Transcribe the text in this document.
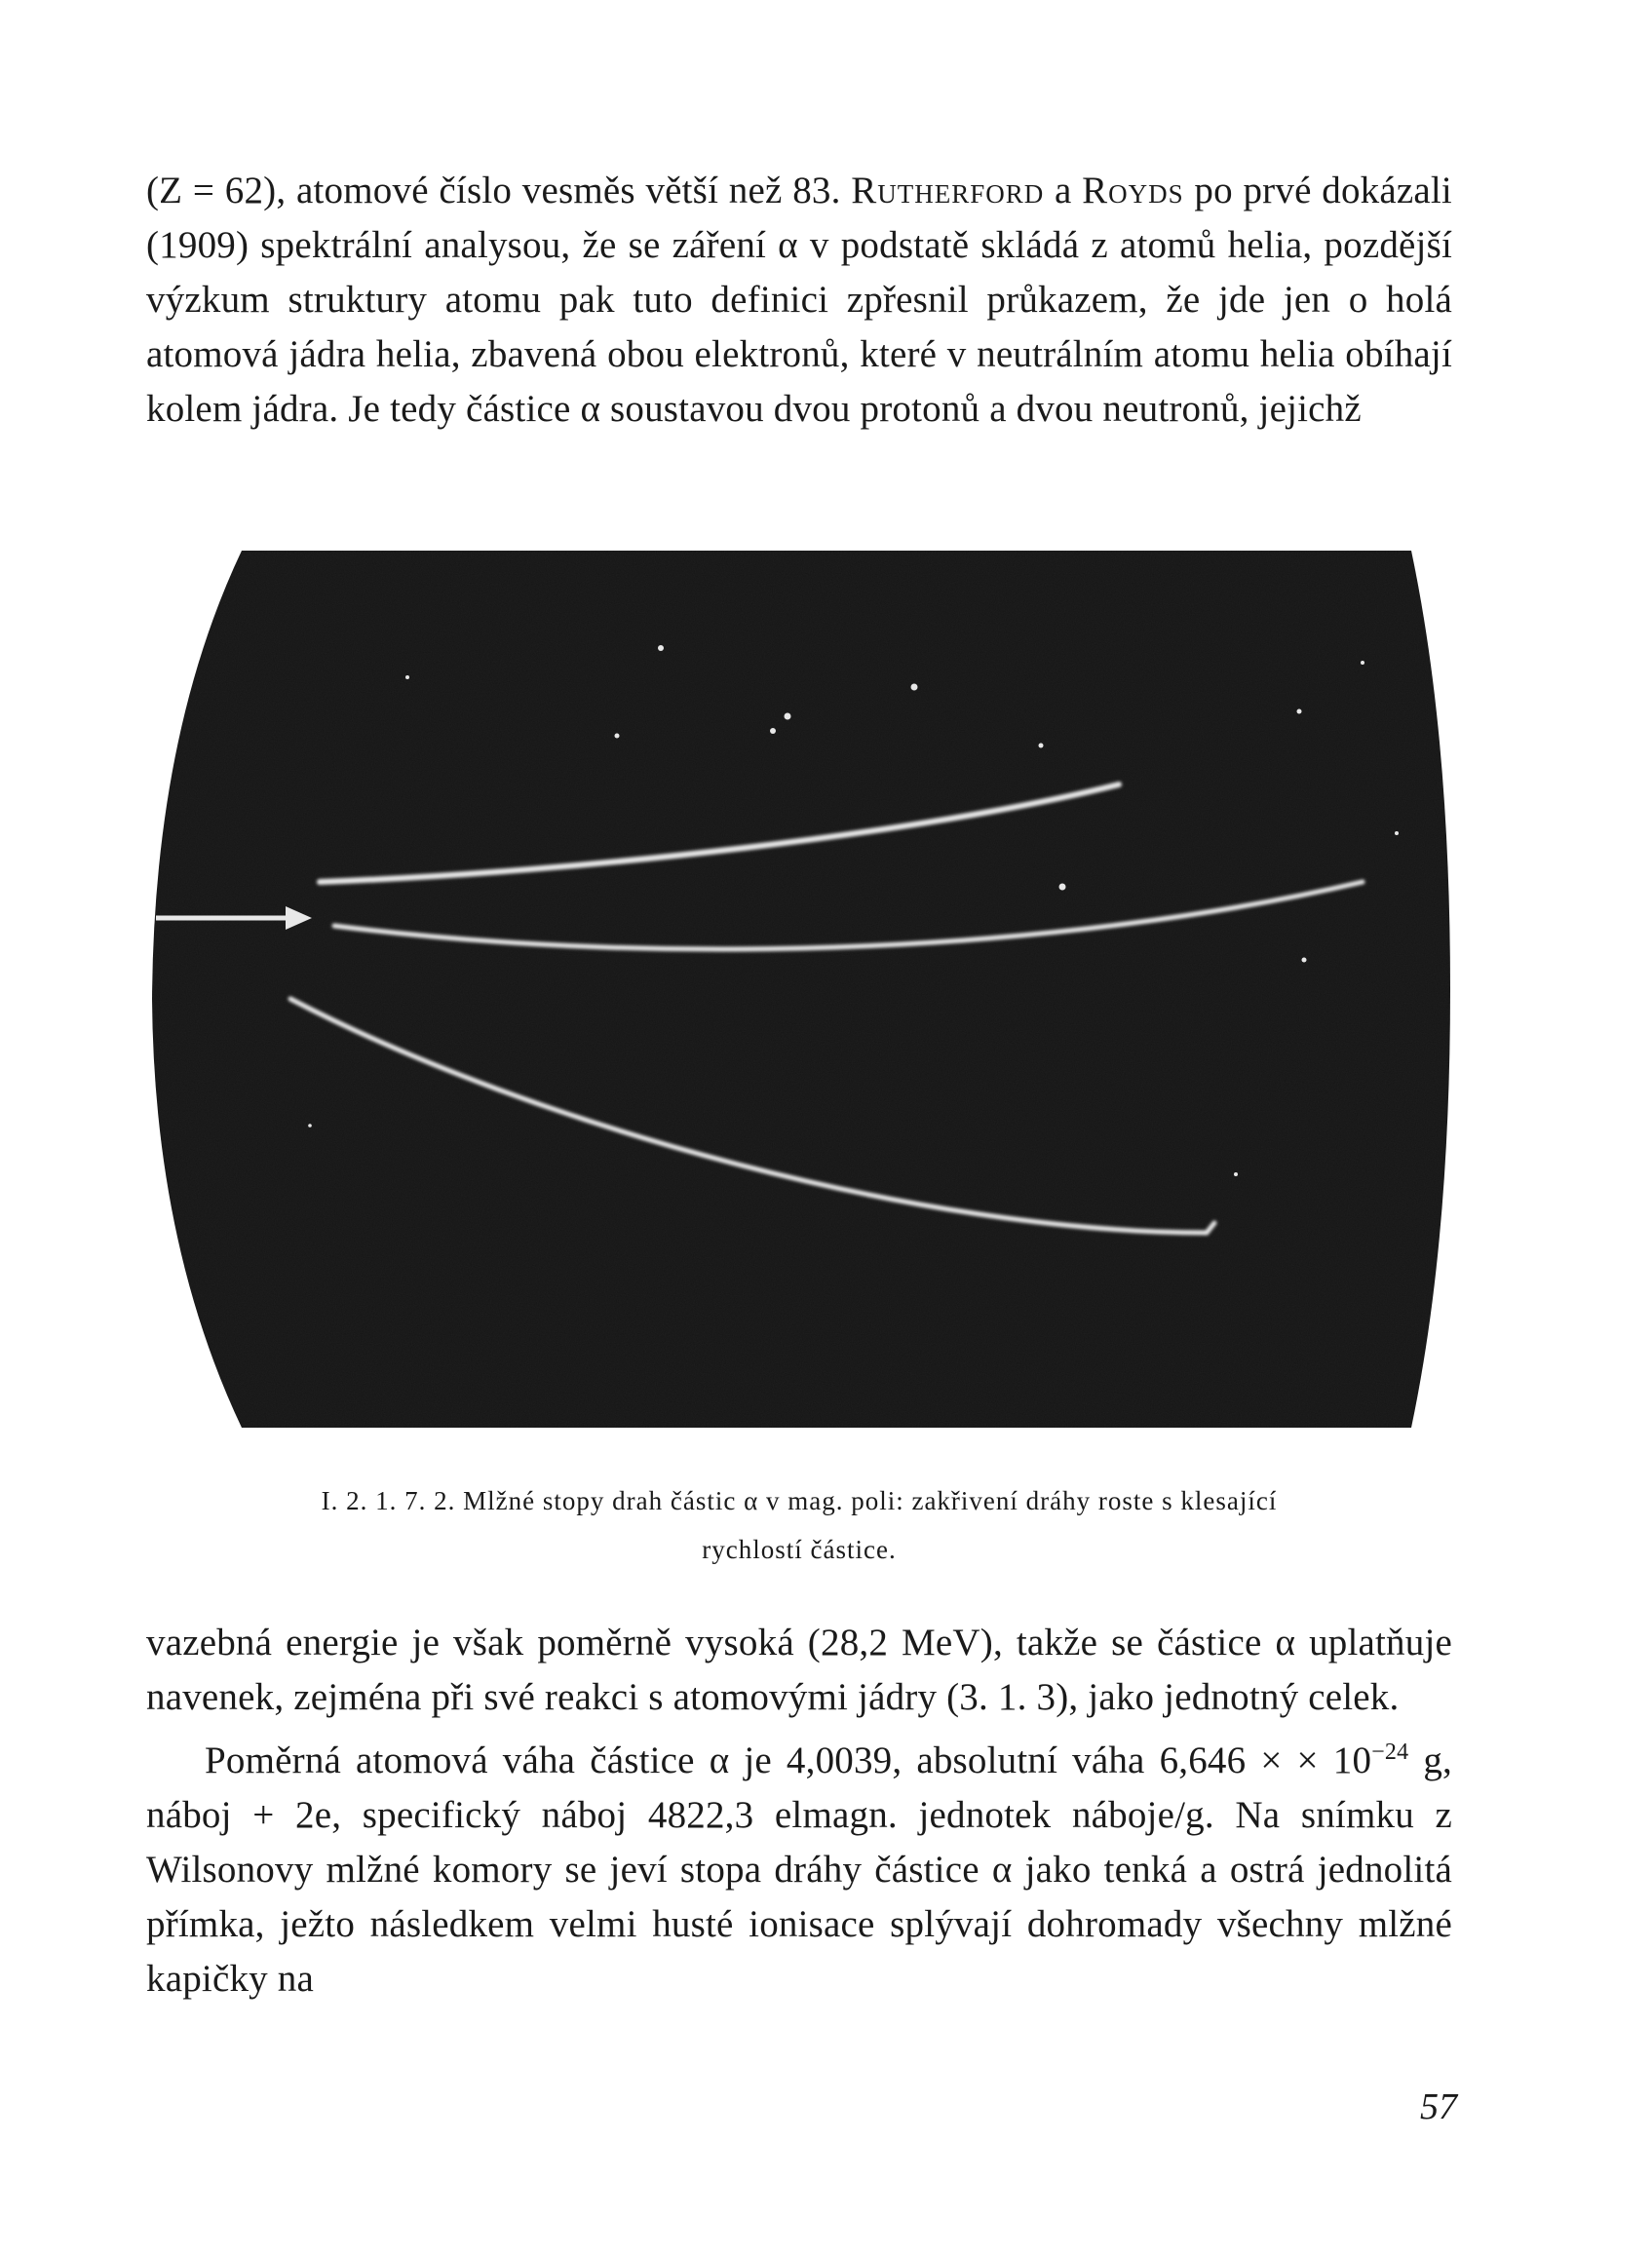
(Z = 62), atomové číslo vesměs větší než 83. Rutherford a Royds po prvé dokázali (1909) spektrální analysou, že se záření α v podstatě skládá z atomů helia, pozdější výzkum struktury atomu pak tuto definici zpřesnil průkazem, že jde jen o holá atomová jádra helia, zbavená obou elektronů, které v neutrálním atomu helia obíhají kolem jádra. Je tedy částice α soustavou dvou protonů a dvou neutronů, jejichž

I. 2. 1. 7. 2. Mlžné stopy drah částic α v mag. poli: zakřivení dráhy roste s klesající
rychlostí částice.

vazebná energie je však poměrně vysoká (28,2 MeV), takže se částice α uplatňuje navenek, zejména při své reakci s atomovými jádry (3. 1. 3), jako jednotný celek.

Poměrná atomová váha částice α je 4,0039, absolutní váha 6,646 × × $10^{-24}$ g, náboj + 2e, specifický náboj 4822,3 elmagn. jednotek náboje/g. Na snímku z Wilsonovy mlžné komory se jeví stopa dráhy částice α jako tenká a ostrá jednolitá přímka, ježto následkem velmi husté ionisace splývají dohromady všechny mlžné kapičky na

57
